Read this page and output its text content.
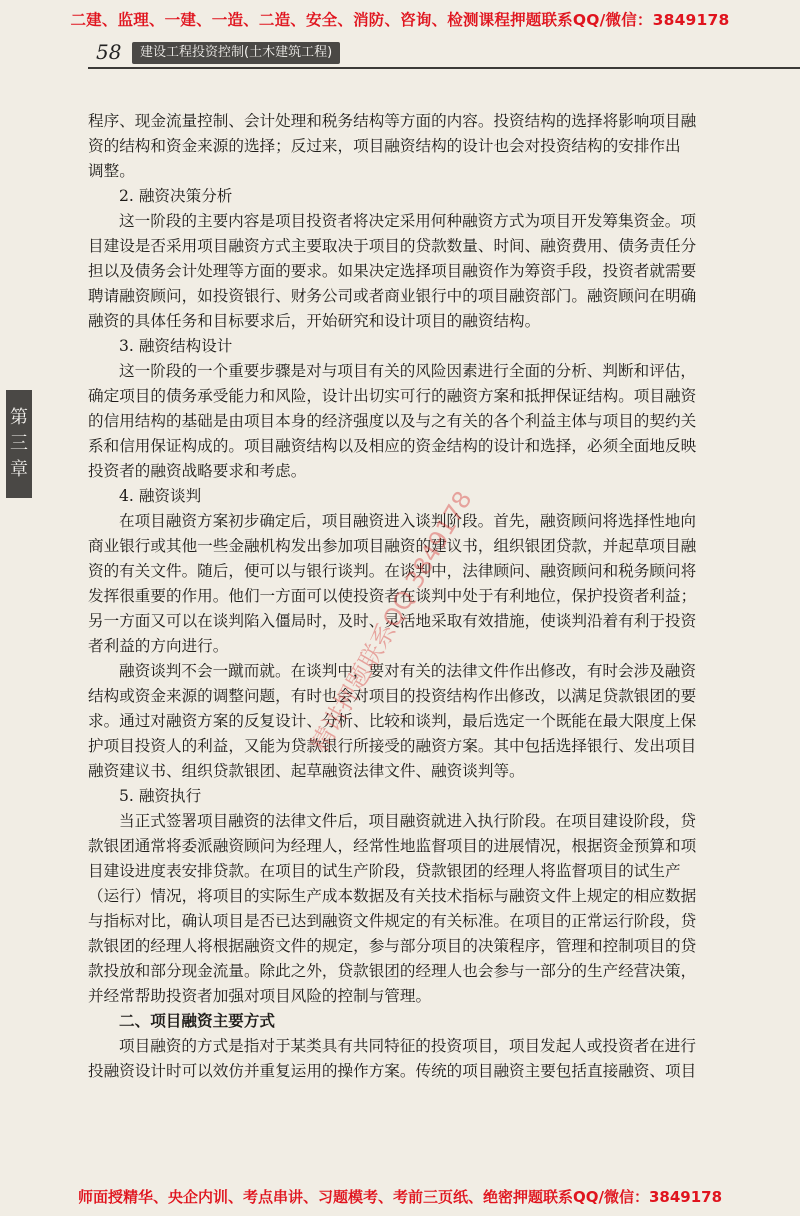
二建、监理、一建、一造、二造、安全、消防、咨询、检测课程押题联系QQ/微信：3849178
58	建设工程投资控制(土木建筑工程)
第
三
章
程序、现金流量控制、会计处理和税务结构等方面的内容。投资结构的选择将影响项目融
资的结构和资金来源的选择；反过来，项目融资结构的设计也会对投资结构的安排作出
调整。
2. 融资决策分析
这一阶段的主要内容是项目投资者将决定采用何种融资方式为项目开发筹集资金。项
目建设是否采用项目融资方式主要取决于项目的贷款数量、时间、融资费用、债务责任分
担以及债务会计处理等方面的要求。如果决定选择项目融资作为筹资手段，投资者就需要
聘请融资顾问，如投资银行、财务公司或者商业银行中的项目融资部门。融资顾问在明确
融资的具体任务和目标要求后，开始研究和设计项目的融资结构。
3. 融资结构设计
这一阶段的一个重要步骤是对与项目有关的风险因素进行全面的分析、判断和评估，
确定项目的债务承受能力和风险，设计出切实可行的融资方案和抵押保证结构。项目融资
的信用结构的基础是由项目本身的经济强度以及与之有关的各个利益主体与项目的契约关
系和信用保证构成的。项目融资结构以及相应的资金结构的设计和选择，必须全面地反映
投资者的融资战略要求和考虑。
4. 融资谈判
在项目融资方案初步确定后，项目融资进入谈判阶段。首先，融资顾问将选择性地向
商业银行或其他一些金融机构发出参加项目融资的建议书，组织银团贷款，并起草项目融
资的有关文件。随后，便可以与银行谈判。在谈判中，法律顾问、融资顾问和税务顾问将
发挥很重要的作用。他们一方面可以使投资者在谈判中处于有利地位，保护投资者利益；
另一方面又可以在谈判陷入僵局时，及时、灵活地采取有效措施，使谈判沿着有利于投资
者利益的方向进行。
融资谈判不会一蹴而就。在谈判中，要对有关的法律文件作出修改，有时会涉及融资
结构或资金来源的调整问题，有时也会对项目的投资结构作出修改，以满足贷款银团的要
求。通过对融资方案的反复设计、分析、比较和谈判，最后选定一个既能在最大限度上保
护项目投资人的利益，又能为贷款银行所接受的融资方案。其中包括选择银行、发出项目
融资建议书、组织贷款银团、起草融资法律文件、融资谈判等。
5. 融资执行
当正式签署项目融资的法律文件后，项目融资就进入执行阶段。在项目建设阶段，贷
款银团通常将委派融资顾问为经理人，经常性地监督项目的进展情况，根据资金预算和项
目建设进度表安排贷款。在项目的试生产阶段，贷款银团的经理人将监督项目的试生产
（运行）情况，将项目的实际生产成本数据及有关技术指标与融资文件上规定的相应数据
与指标对比，确认项目是否已达到融资文件规定的有关标准。在项目的正常运行阶段，贷
款银团的经理人将根据融资文件的规定，参与部分项目的决策程序，管理和控制项目的贷
款投放和部分现金流量。除此之外，贷款银团的经理人也会参与一部分的生产经营决策，
并经常帮助投资者加强对项目风险的控制与管理。
二、项目融资主要方式
项目融资的方式是指对于某类具有共同特征的投资项目，项目发起人或投资者在进行
投融资设计时可以效仿并重复运用的操作方案。传统的项目融资主要包括直接融资、项目
精讲押题联系QQ 3849178
师面授精华、央企内训、考点串讲、习题模考、考前三页纸、绝密押题联系QQ/微信：3849178
